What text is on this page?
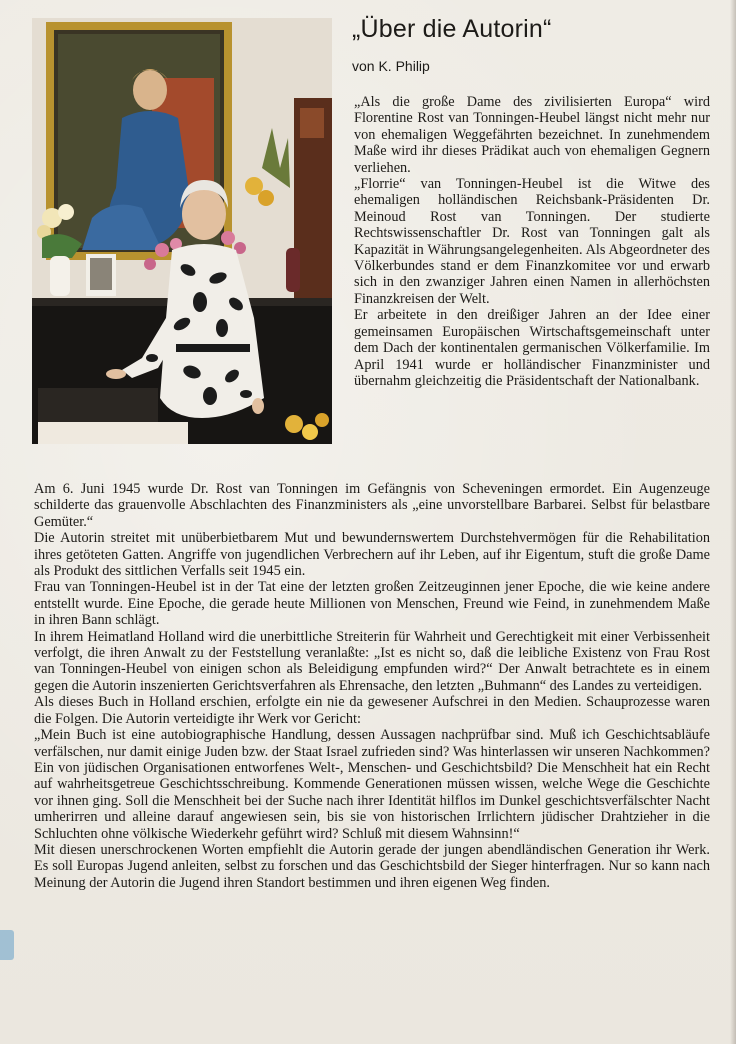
„Über die Autorin“
von K. Philip

„Als die große Dame des zivilisierten Europa“ wird Florentine Rost van Tonningen-Heubel längst nicht mehr nur von ehemaligen Weggefährten bezeichnet. In zunehmendem Maße wird ihr dieses Prädikat auch von ehemaligen Gegnern verliehen.

„Florrie“ van Tonningen-Heubel ist die Witwe des ehemaligen holländischen Reichsbank-Präsidenten Dr. Meinoud Rost van Tonningen. Der studierte Rechtswissenschaftler Dr. Rost van Tonningen galt als Kapazität in Währungsangelegenheiten. Als Abgeordneter des Völkerbundes stand er dem Finanzkomitee vor und erwarb sich in den zwanziger Jahren einen Namen in allerhöchsten Finanzkreisen der Welt.

Er arbeitete in den dreißiger Jahren an der Idee einer gemeinsamen Europäischen Wirtschaftsgemeinschaft unter dem Dach der kontinentalen germanischen Völkerfamilie. Im April 1941 wurde er holländischer Finanzminister und übernahm gleichzeitig die Präsidentschaft der Nationalbank.

Am 6. Juni 1945 wurde Dr. Rost van Tonningen im Gefängnis von Scheveningen ermordet. Ein Augenzeuge schilderte das grauenvolle Abschlachten des Finanzministers als „eine unvorstellbare Barbarei. Selbst für belastbare Gemüter.“

Die Autorin streitet mit unüberbietbarem Mut und bewundernswertem Durchstehvermögen für die Rehabilitation ihres getöteten Gatten. Angriffe von jugendlichen Verbrechern auf ihr Leben, auf ihr Eigentum, stuft die große Dame als Produkt des sittlichen Verfalls seit 1945 ein.

Frau van Tonningen-Heubel ist in der Tat eine der letzten großen Zeitzeuginnen jener Epoche, die wie keine andere entstellt wurde. Eine Epoche, die gerade heute Millionen von Menschen, Freund wie Feind, in zunehmendem Maße in ihren Bann schlägt.

In ihrem Heimatland Holland wird die unerbittliche Streiterin für Wahrheit und Gerechtigkeit mit einer Verbissenheit verfolgt, die ihren Anwalt zu der Feststellung veranlaßte: „Ist es nicht so, daß die leibliche Existenz von Frau Rost van Tonningen-Heubel von einigen schon als Beleidigung empfunden wird?“ Der Anwalt betrachtete es in einem gegen die Autorin inszenierten Gerichtsverfahren als Ehrensache, den letzten „Buhmann“ des Landes zu verteidigen.

Als dieses Buch in Holland erschien, erfolgte ein nie da gewesener Aufschrei in den Medien. Schauprozesse waren die Folgen. Die Autorin verteidigte ihr Werk vor Gericht:

„Mein Buch ist eine autobiographische Handlung, dessen Aussagen nachprüfbar sind. Muß ich Geschichtsabläufe verfälschen, nur damit einige Juden bzw. der Staat Israel zufrieden sind? Was hinterlassen wir unseren Nachkommen? Ein von jüdischen Organisationen entworfenes Welt-, Menschen- und Geschichtsbild? Die Menschheit hat ein Recht auf wahrheitsgetreue Geschichtsschreibung. Kommende Generationen müssen wissen, welche Wege die Geschichte vor ihnen ging. Soll die Menschheit bei der Suche nach ihrer Identität hilflos im Dunkel geschichtsverfälschter Nacht umherirren und alleine darauf angewiesen sein, bis sie von historischen Irrlichtern jüdischer Drahtzieher in die Schluchten ohne völkische Wiederkehr geführt wird? Schluß mit diesem Wahnsinn!“

Mit diesen unerschrockenen Worten empfiehlt die Autorin gerade der jungen abendländischen Generation ihr Werk. Es soll Europas Jugend anleiten, selbst zu forschen und das Geschichtsbild der Sieger hinterfragen. Nur so kann nach Meinung der Autorin die Jugend ihren Standort bestimmen und ihren eigenen Weg finden.
